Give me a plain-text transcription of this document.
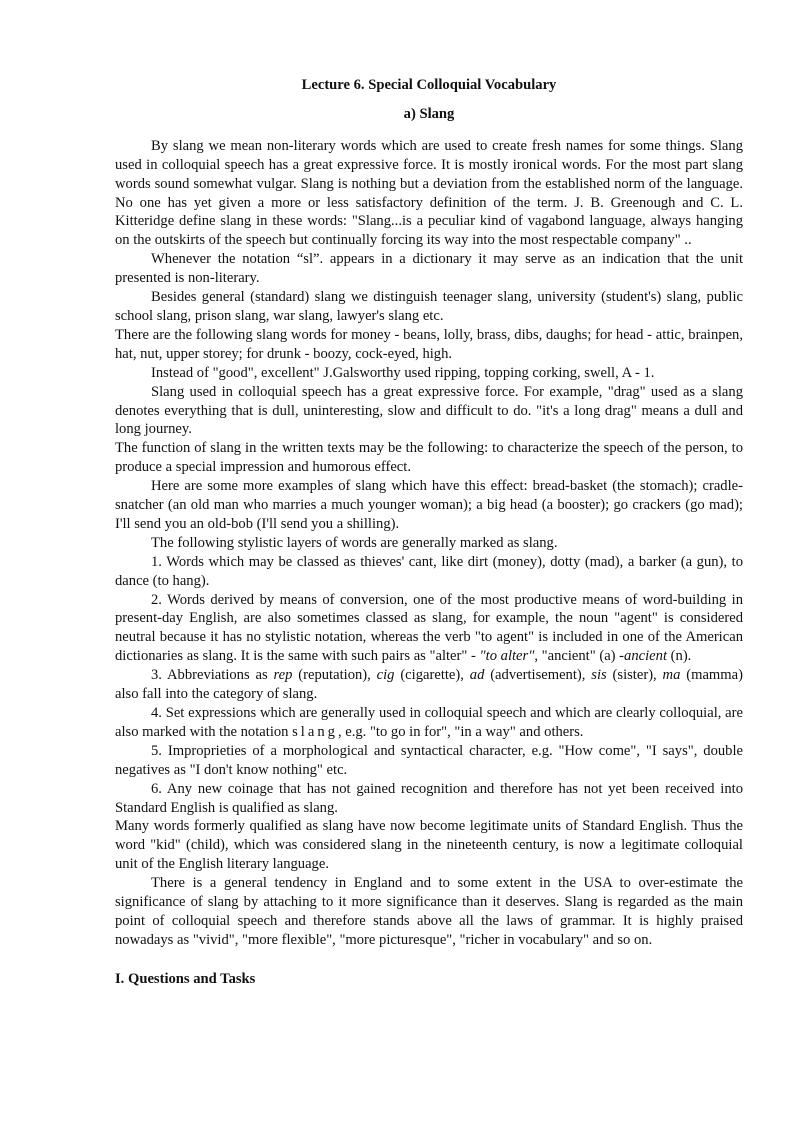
Lecture 6. Special Colloquial Vocabulary
a) Slang

By slang we mean non-literary words which are used to create fresh names for some things. Slang used in colloquial speech has a great expressive force. It is mostly ironical words. For the most part slang words sound somewhat vulgar. Slang is nothing but a deviation from the established norm of the language. No one has yet given a more or less satisfactory definition of the term. J. B. Greenough and C. L. Kitteridge define slang in these words: "Slang...is a peculiar kind of vagabond language, always hanging on the outskirts of the speech but continually forcing its way into the most respectable company" ..

Whenever the notation “sl”. appears in a dictionary it may serve as an indication that the unit presented is non-literary.

Besides general (standard) slang we distinguish teenager slang, university (student's) slang, public school slang, prison slang, war slang, lawyer's slang etc.

There are the following slang words for money - beans, lolly, brass, dibs, daughs; for head - attic, brainpen, hat, nut, upper storey; for drunk - boozy, cock-eyed, high.

Instead of "good", excellent" J.Galsworthy used ripping, topping corking, swell, A - 1.

Slang used in colloquial speech has a great expressive force. For example, "drag" used as a slang denotes everything that is dull, uninteresting, slow and difficult to do. "it's a long drag" means a dull and long journey.

The function of slang in the written texts may be the following: to characterize the speech of the person, to produce a special impression and humorous effect.

Here are some more examples of slang which have this effect: bread-basket (the stomach); cradle-snatcher (an old man who marries a much younger woman); a big head (a booster); go crackers (go mad); I'll send you an old-bob (I'll send you a shilling).

The following stylistic layers of words are generally marked as slang.

1. Words which may be classed as thieves' cant, like dirt (money), dotty (mad), a barker (a gun), to dance (to hang).

2. Words derived by means of conversion, one of the most productive means of word-building in present-day English, are also sometimes classed as slang, for example, the noun "agent" is considered neutral because it has no stylistic notation, whereas the verb "to agent" is included in one of the American dictionaries as slang. It is the same with such pairs as "alter" - "to alter", "ancient" (a) -ancient (n).

3. Abbreviations as rep (reputation), cig (cigarette), ad (advertisement), sis (sister), ma (mamma) also fall into the category of slang.

4. Set expressions which are generally used in colloquial speech and which are clearly colloquial, are also marked with the notation slang, e.g. "to go in for", "in a way" and others.

5. Improprieties of a morphological and syntactical character, e.g. "How come", "I says", double negatives as "I don't know nothing" etc.

6. Any new coinage that has not gained recognition and therefore has not yet been received into Standard English is qualified as slang.

Many words formerly qualified as slang have now become legitimate units of Standard English. Thus the word "kid" (child), which was considered slang in the nineteenth century, is now a legitimate colloquial unit of the English literary language.

There is a general tendency in England and to some extent in the USA to over-estimate the significance of slang by attaching to it more significance than it deserves. Slang is regarded as the main point of colloquial speech and therefore stands above all the laws of grammar. It is highly praised nowadays as "vivid", "more flexible", "more picturesque", "richer in vocabulary" and so on.

I. Questions and Tasks
